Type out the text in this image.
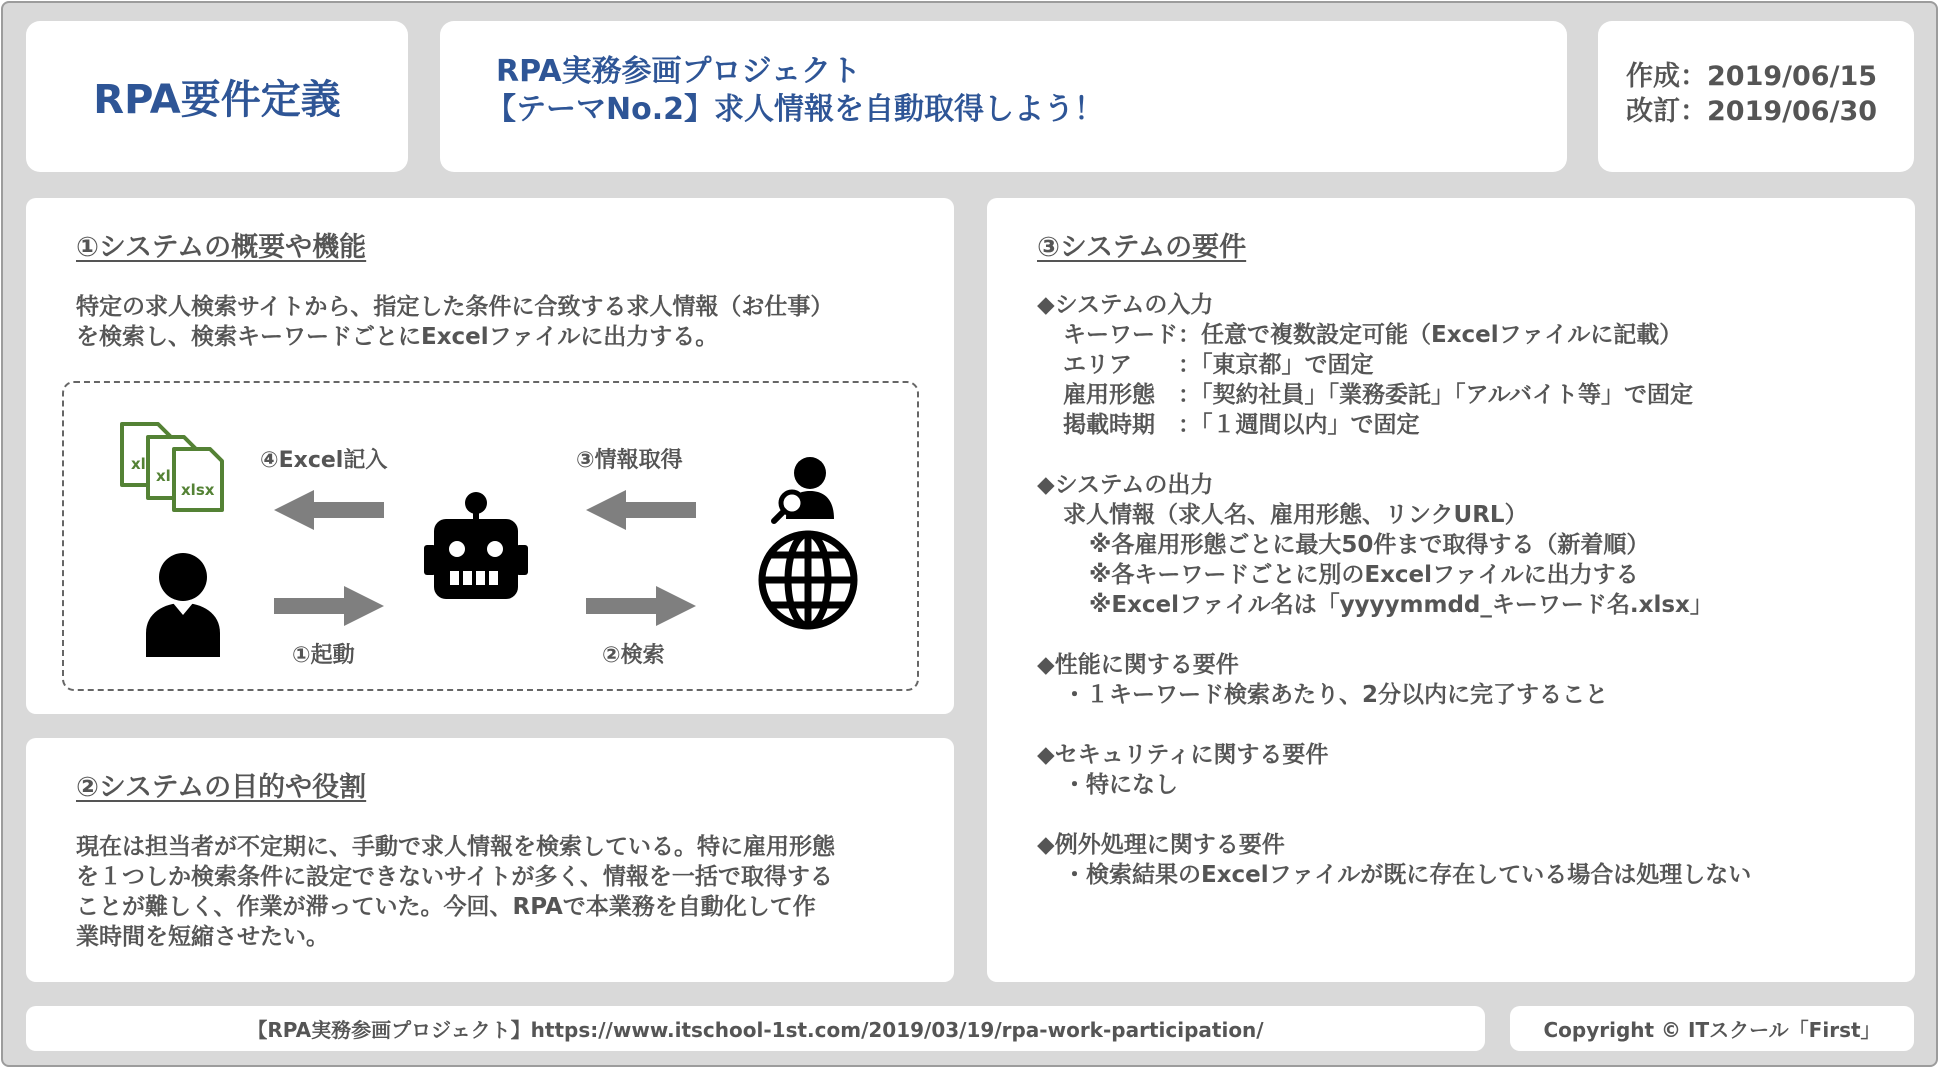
RPA要件定義
RPA実務参画プロジェクト
【テーマNo.2】求人情報を自動取得しよう！
作成：2019/06/15
改訂：2019/06/30
①システムの概要や機能
特定の求人検索サイトから、指定した条件に合致する求人情報（お仕事）
を検索し、検索キーワードごとにExcelファイルに出力する。
xl
xl
xlsx
④Excel記入	③情報取得
①起動	②検索
②システムの目的や役割
現在は担当者が不定期に、手動で求人情報を検索している。特に雇用形態
を１つしか検索条件に設定できないサイトが多く、情報を一括で取得する
ことが難しく、作業が滞っていた。今回、RPAで本業務を自動化して作
業時間を短縮させたい。
③システムの要件
◆システムの入力
キーワード：任意で複数設定可能（Excelファイルに記載）
エリア　　：「東京都」で固定
雇用形態　：「契約社員」「業務委託」「アルバイト等」で固定
掲載時期　：「１週間以内」で固定
◆システムの出力
求人情報（求人名、雇用形態、リンクURL）
※各雇用形態ごとに最大50件まで取得する（新着順）
※各キーワードごとに別のExcelファイルに出力する
※Excelファイル名は「yyyymmdd_キーワード名.xlsx」
◆性能に関する要件
・１キーワード検索あたり、2分以内に完了すること
◆セキュリティに関する要件
・特になし
◆例外処理に関する要件
・検索結果のExcelファイルが既に存在している場合は処理しない
【RPA実務参画プロジェクト】https://www.itschool-1st.com/2019/03/19/rpa-work-participation/	Copyright © ITスクール「First」
